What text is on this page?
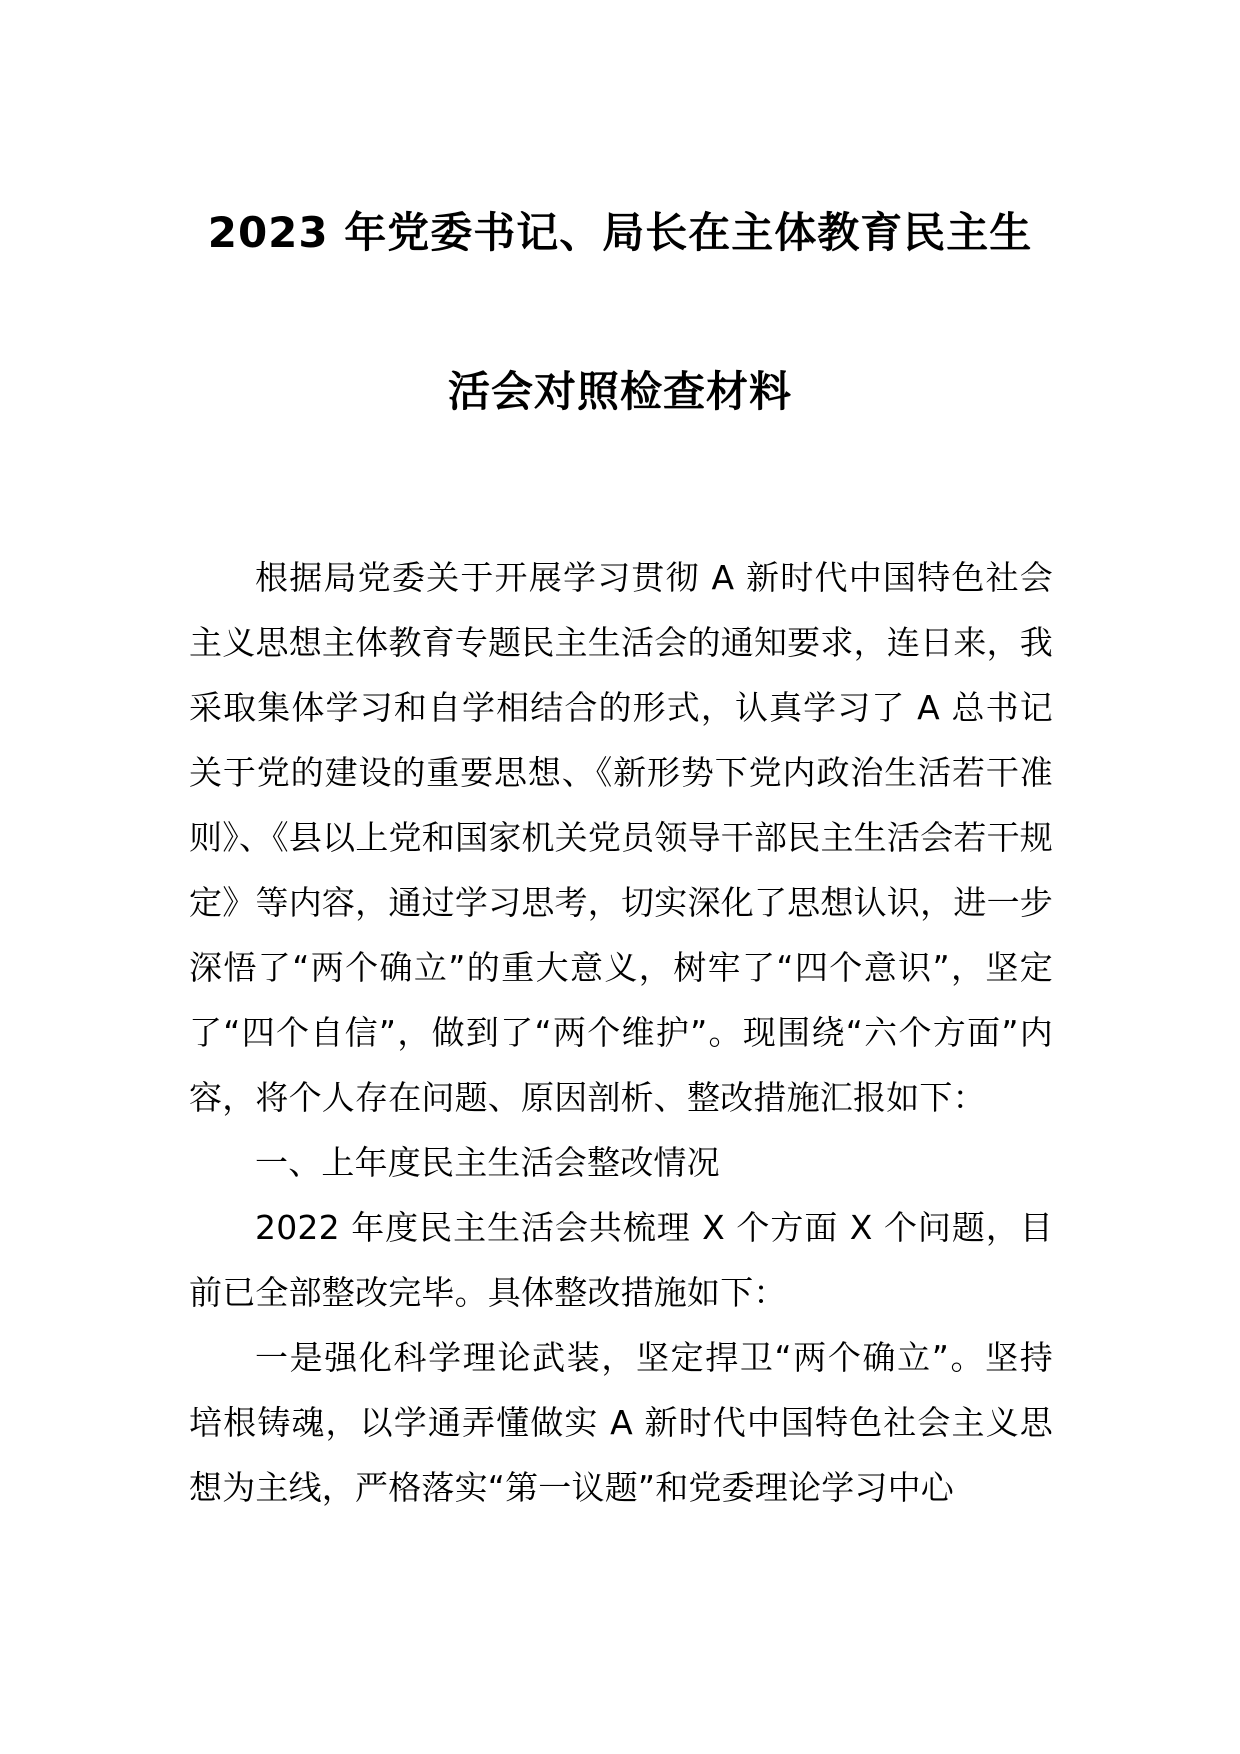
2023 年党委书记、局长在主体教育民主生
活会对照检查材料

根据局党委关于开展学习贯彻 A 新时代中国特色社会主义思想主体教育专题民主生活会的通知要求，连日来，我采取集体学习和自学相结合的形式，认真学习了 A 总书记关于党的建设的重要思想、《新形势下党内政治生活若干准则》、《县以上党和国家机关党员领导干部民主生活会若干规定》等内容，通过学习思考，切实深化了思想认识，进一步深悟了“两个确立”的重大意义，树牢了“四个意识”，坚定了“四个自信”，做到了“两个维护”。现围绕“六个方面”内容，将个人存在问题、原因剖析、整改措施汇报如下：

一、上年度民主生活会整改情况

2022 年度民主生活会共梳理 X 个方面 X 个问题，目前已全部整改完毕。具体整改措施如下：

一是强化科学理论武装，坚定捍卫“两个确立”。坚持培根铸魂，以学通弄懂做实 A 新时代中国特色社会主义思想为主线，严格落实“第一议题”和党委理论学习中心
